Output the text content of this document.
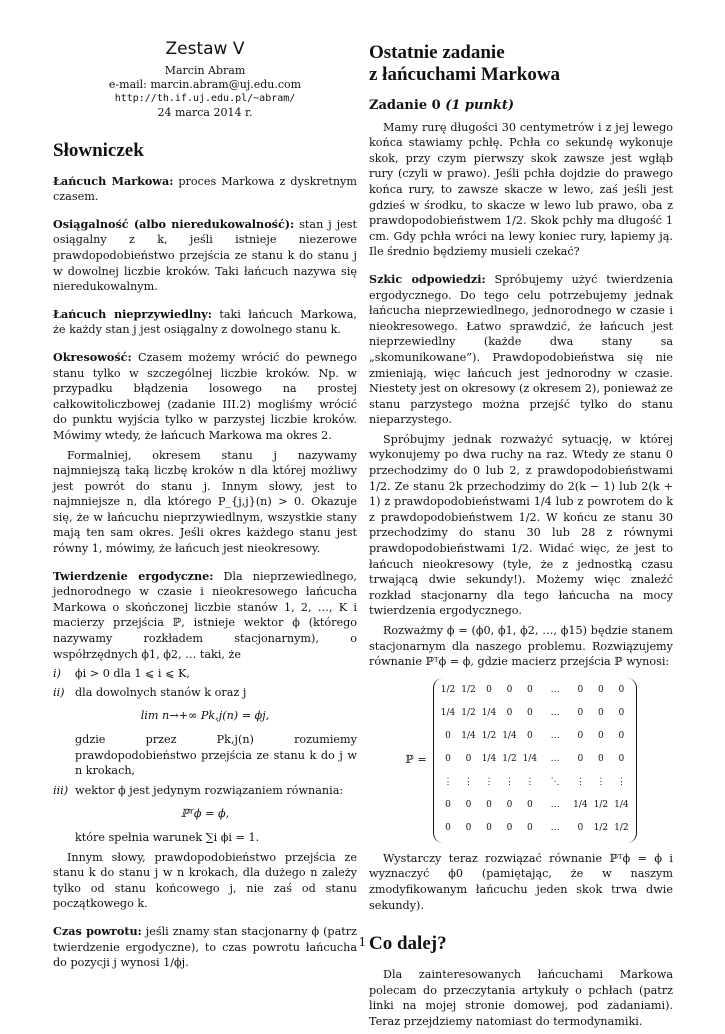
Zestaw V
Marcin Abram
e-mail: marcin.abram@uj.edu.com
http://th.if.uj.edu.pl/~abram/
24 marca 2014 r.
Słowniczek

Łańcuch Markowa: proces Markowa z dyskretnym czasem.

Osiągalność (albo nieredukowalność): stan j jest osiągalny z k, jeśli istnieje niezerowe prawdopodobieństwo przejścia ze stanu k do stanu j w dowolnej liczbie kroków. Taki łańcuch nazywa się nieredukowalnym.

Łańcuch nieprzywiedlny: taki łańcuch Markowa, że każdy stan j jest osiągalny z dowolnego stanu k.

Okresowość: Czasem możemy wrócić do pewnego stanu tylko w szczególnej liczbie kroków. Np. w przypadku błądzenia losowego na prostej całkowitoliczbowej (zadanie III.2) mogliśmy wrócić do punktu wyjścia tylko w parzystej liczbie kroków. Mówimy wtedy, że łańcuch Markowa ma okres 2.

Formalniej, okresem stanu j nazywamy najmniejszą taką liczbę kroków n dla której możliwy jest powrót do stanu j. Innym słowy, jest to najmniejsze n, dla którego P_{j,j}(n) > 0. Okazuje się, że w łańcuchu nieprzywiedlnym, wszystkie stany mają ten sam okres. Jeśli okres każdego stanu jest równy 1, mówimy, że łańcuch jest nieokresowy.

Twierdzenie ergodyczne: Dla nieprzewiedlnego, jednorodnego w czasie i nieokresowego łańcucha Markowa o skończonej liczbie stanów 1, 2, …, K i macierzy przejścia ℙ, istnieje wektor ϕ (którego nazywamy rozkładem stacjonarnym), o współrzędnych ϕ1, ϕ2, … taki, że

i)	ϕi > 0 dla 1 ⩽ i ⩽ K,
ii) dla dowolnych stanów k oraz j
lim n→+∞ Pk,j(n) = ϕj,

gdzie przez Pk,j(n) rozumiemy prawdopodobieństwo przejścia ze stanu k do j w n krokach,

iii) wektor ϕ jest jedynym rozwiązaniem równania:
ℙᵀϕ = ϕ,

które spełnia warunek ∑i ϕi = 1.

Innym słowy, prawdopodobieństwo przejścia ze stanu k do stanu j w n krokach, dla dużego n zależy tylko od stanu końcowego j, nie zaś od stanu początkowego k.

Czas powrotu: jeśli znamy stan stacjonarny ϕ (patrz twierdzenie ergodyczne), to czas powrotu łańcucha do pozycji j wynosi 1/ϕj.

Ostatnie zadanie
z łańcuchami Markowa
Zadanie 0 (1 punkt)

Mamy rurę długości 30 centymetrów i z jej lewego końca stawiamy pchłę. Pchła co sekundę wykonuje skok, przy czym pierwszy skok zawsze jest wgłąb rury (czyli w prawo). Jeśli pchła dojdzie do prawego końca rury, to zawsze skacze w lewo, zaś jeśli jest gdzieś w środku, to skacze w lewo lub prawo, oba z prawdopodobieństwem 1/2. Skok pchły ma długość 1 cm. Gdy pchła wróci na lewy koniec rury, łapiemy ją. Ile średnio będziemy musieli czekać?

Szkic odpowiedzi: Spróbujemy użyć twierdzenia ergodycznego. Do tego celu potrzebujemy jednak łańcucha nieprzewiedlnego, jednorodnego w czasie i nieokresowego. Łatwo sprawdzić, że łańcuch jest nieprzewiedlny (każde dwa stany sa „skomunikowane”). Prawdopodobieństwa się nie zmieniają, więc łańcuch jest jednorodny w czasie. Niestety jest on okresowy (z okresem 2), ponieważ ze stanu parzystego można przejść tylko do stanu nieparzystego.

Spróbujmy jednak rozważyć sytuację, w której wykonujemy po dwa ruchy na raz. Wtedy ze stanu 0 przechodzimy do 0 lub 2, z prawdopodobieństwami 1/2. Ze stanu 2k przechodzimy do 2(k − 1) lub 2(k + 1) z prawdopodobieństwami 1/4 lub z powrotem do k z prawdopodobieństwem 1/2. W końcu ze stanu 30 przechodzimy do stanu 30 lub 28 z równymi prawdopodobieństwami 1/2. Widać więc, że jest to łańcuch nieokresowy (tyle, że z jednostką czasu trwającą dwie sekundy!). Możemy więc znaleźć rozkład stacjonarny dla tego łańcucha na mocy twierdzenia ergodycznego.

Rozważmy ϕ = (ϕ0, ϕ1, ϕ2, …, ϕ15) będzie stanem stacjonarnym dla naszego problemu. Rozwiązujemy równanie ℙᵀϕ = ϕ, gdzie macierz przejścia ℙ wynosi:

ℙ =
1/2	1/2	0	0	0	…	0	0	0
1/4	1/2	1/4	0	0	…	0	0	0
0	1/4	1/2	1/4	0	…	0	0	0
0	0	1/4	1/2	1/4	…	0	0	0
⋮	⋮	⋮	⋮	⋮	⋱	⋮	⋮	⋮
0	0	0	0	0	…	1/4	1/2	1/4
0	0	0	0	0	…	0	1/2	1/2

Wystarczy teraz rozwiązać równanie ℙᵀϕ = ϕ i wyznaczyć ϕ0 (pamiętając, że w naszym zmodyfikowanym łańcuchu jeden skok trwa dwie sekundy).

Co dalej?

Dla zainteresowanych łańcuchami Markowa polecam do przeczytania artykuły o pchłach (patrz linki na mojej stronie domowej, pod zadaniami). Teraz przejdziemy natomiast do termodynamiki.

1
